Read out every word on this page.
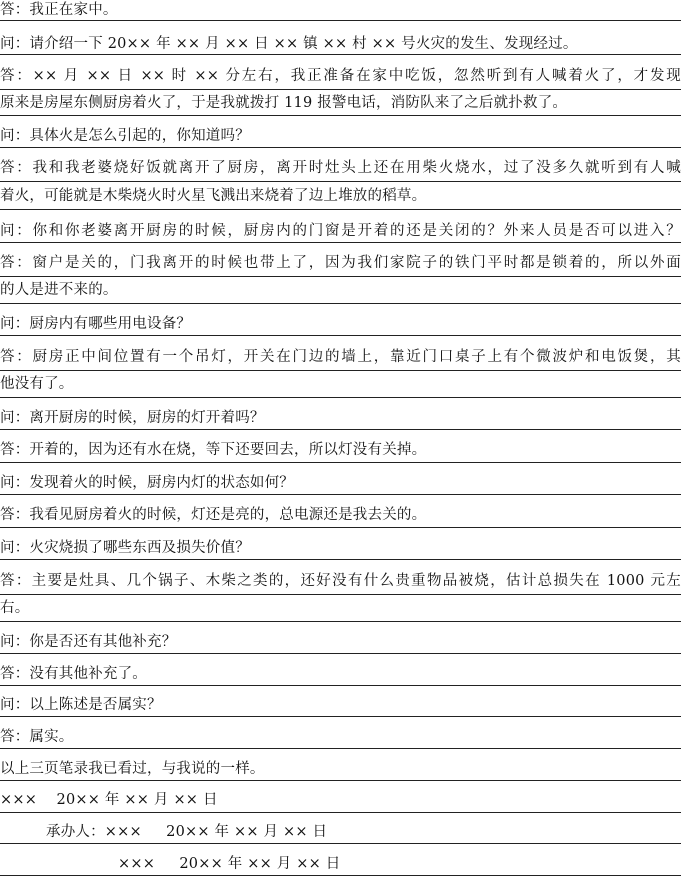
答：我正在家中。
问：请介绍一下 20×× 年 ×× 月 ×× 日 ×× 镇 ×× 村 ×× 号火灾的发生、发现经过。
答：×× 月 ×× 日 ×× 时 ×× 分左右，我正准备在家中吃饭，忽然听到有人喊着火了，才发现
原来是房屋东侧厨房着火了，于是我就拨打 119 报警电话，消防队来了之后就扑救了。
问：具体火是怎么引起的，你知道吗？
答：我和我老婆烧好饭就离开了厨房，离开时灶头上还在用柴火烧水，过了没多久就听到有人喊
着火，可能就是木柴烧火时火星飞溅出来烧着了边上堆放的稻草。
问：你和你老婆离开厨房的时候，厨房内的门窗是开着的还是关闭的？外来人员是否可以进入？
答：窗户是关的，门我离开的时候也带上了，因为我们家院子的铁门平时都是锁着的，所以外面
的人是进不来的。
问：厨房内有哪些用电设备？
答：厨房正中间位置有一个吊灯，开关在门边的墙上，靠近门口桌子上有个微波炉和电饭煲，其
他没有了。
问：离开厨房的时候，厨房的灯开着吗？
答：开着的，因为还有水在烧，等下还要回去，所以灯没有关掉。
问：发现着火的时候，厨房内灯的状态如何？
答：我看见厨房着火的时候，灯还是亮的，总电源还是我去关的。
问：火灾烧损了哪些东西及损失价值？
答：主要是灶具、几个锅子、木柴之类的，还好没有什么贵重物品被烧，估计总损失在 1000 元左
右。
问：你是否还有其他补充？
答：没有其他补充了。
问：以上陈述是否属实？
答：属实。
以上三页笔录我已看过，与我说的一样。
××× 　20×× 年 ×× 月 ×× 日
承办人：××× 　 20×× 年 ×× 月 ×× 日
××× 　 20×× 年 ×× 月 ×× 日
